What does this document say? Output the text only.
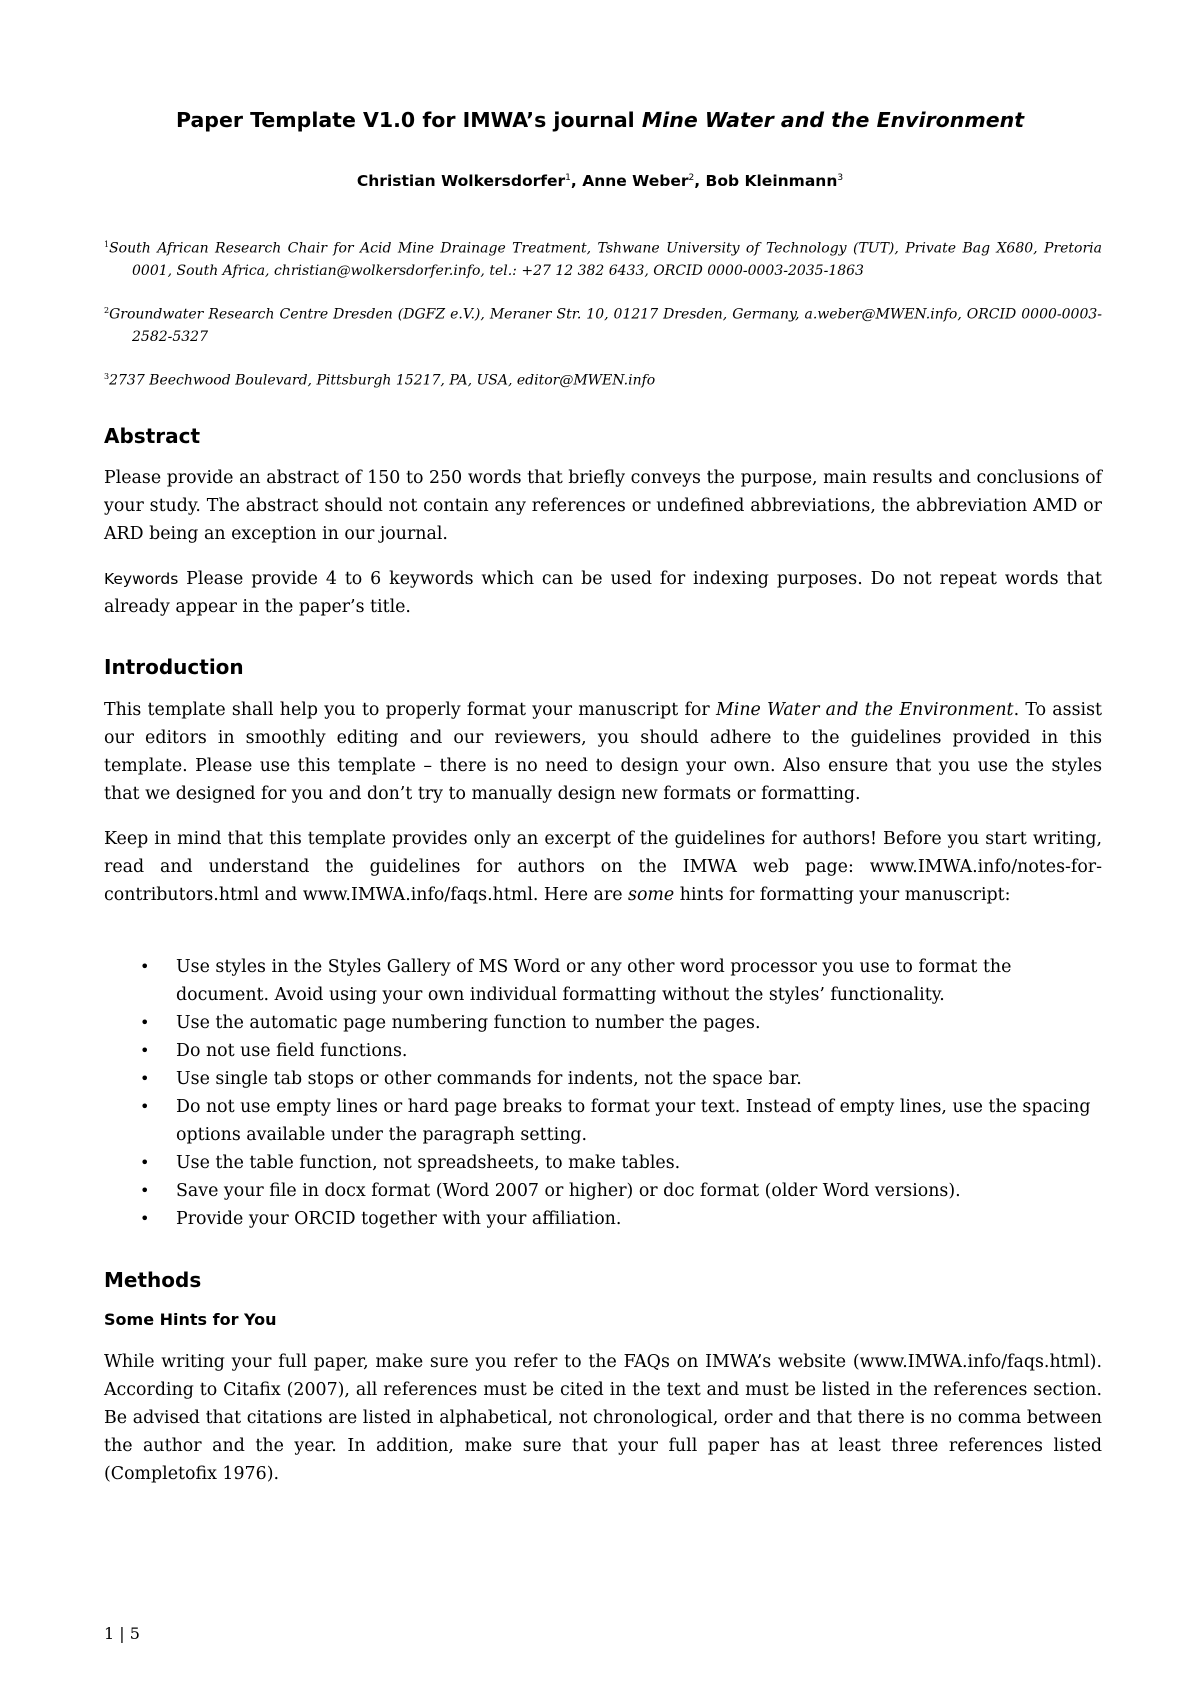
Paper Template V1.0 for IMWA’s journal Mine Water and the Environment
Christian Wolkersdorfer$^1$, Anne Weber$^2$, Bob Kleinmann$^3$
$^1$South African Research Chair for Acid Mine Drainage Treatment, Tshwane University of Technology (TUT), Private Bag X680, Pretoria 0001, South Africa, christian@wolkersdorfer.info, tel.: +27 12 382 6433, ORCID 0000-0003-2035-1863
$^2$Groundwater Research Centre Dresden (DGFZ e.V.), Meraner Str. 10, 01217 Dresden, Germany, a.weber@MWEN.info, ORCID 0000-0003-2582-5327
$^3$2737 Beechwood Boulevard, Pittsburgh 15217, PA, USA, editor@MWEN.info
Abstract
Please provide an abstract of 150 to 250 words that briefly conveys the purpose, main results and conclusions of your study. The abstract should not contain any references or undefined abbreviations, the abbreviation AMD or ARD being an exception in our journal.
Keywords Please provide 4 to 6 keywords which can be used for indexing purposes. Do not repeat words that already appear in the paper’s title.
Introduction
This template shall help you to properly format your manuscript for Mine Water and the Environment. To assist our editors in smoothly editing and our reviewers, you should adhere to the guidelines provided in this template. Please use this template – there is no need to design your own. Also ensure that you use the styles that we designed for you and don’t try to manually design new formats or formatting.
Keep in mind that this template provides only an excerpt of the guidelines for authors! Before you start writing, read and understand the guidelines for authors on the IMWA web page: www.IMWA.info/notes-for-contributors.html and www.IMWA.info/faqs.html. Here are some hints for formatting your manuscript:
• Use styles in the Styles Gallery of MS Word or any other word processor you use to format the document. Avoid using your own individual formatting without the styles’ functionality.
• Use the automatic page numbering function to number the pages.
• Do not use field functions.
• Use single tab stops or other commands for indents, not the space bar.
• Do not use empty lines or hard page breaks to format your text. Instead of empty lines, use the spacing options available under the paragraph setting.
• Use the table function, not spreadsheets, to make tables.
• Save your file in docx format (Word 2007 or higher) or doc format (older Word versions).
• Provide your ORCID together with your affiliation.
Methods
Some Hints for You
While writing your full paper, make sure you refer to the FAQs on IMWA’s website (www.IMWA.info/faqs.html). According to Citafix (2007), all references must be cited in the text and must be listed in the references section. Be advised that citations are listed in alphabetical, not chronological, order and that there is no comma between the author and the year. In addition, make sure that your full paper has at least three references listed (Completofix 1976).
1 | 5
